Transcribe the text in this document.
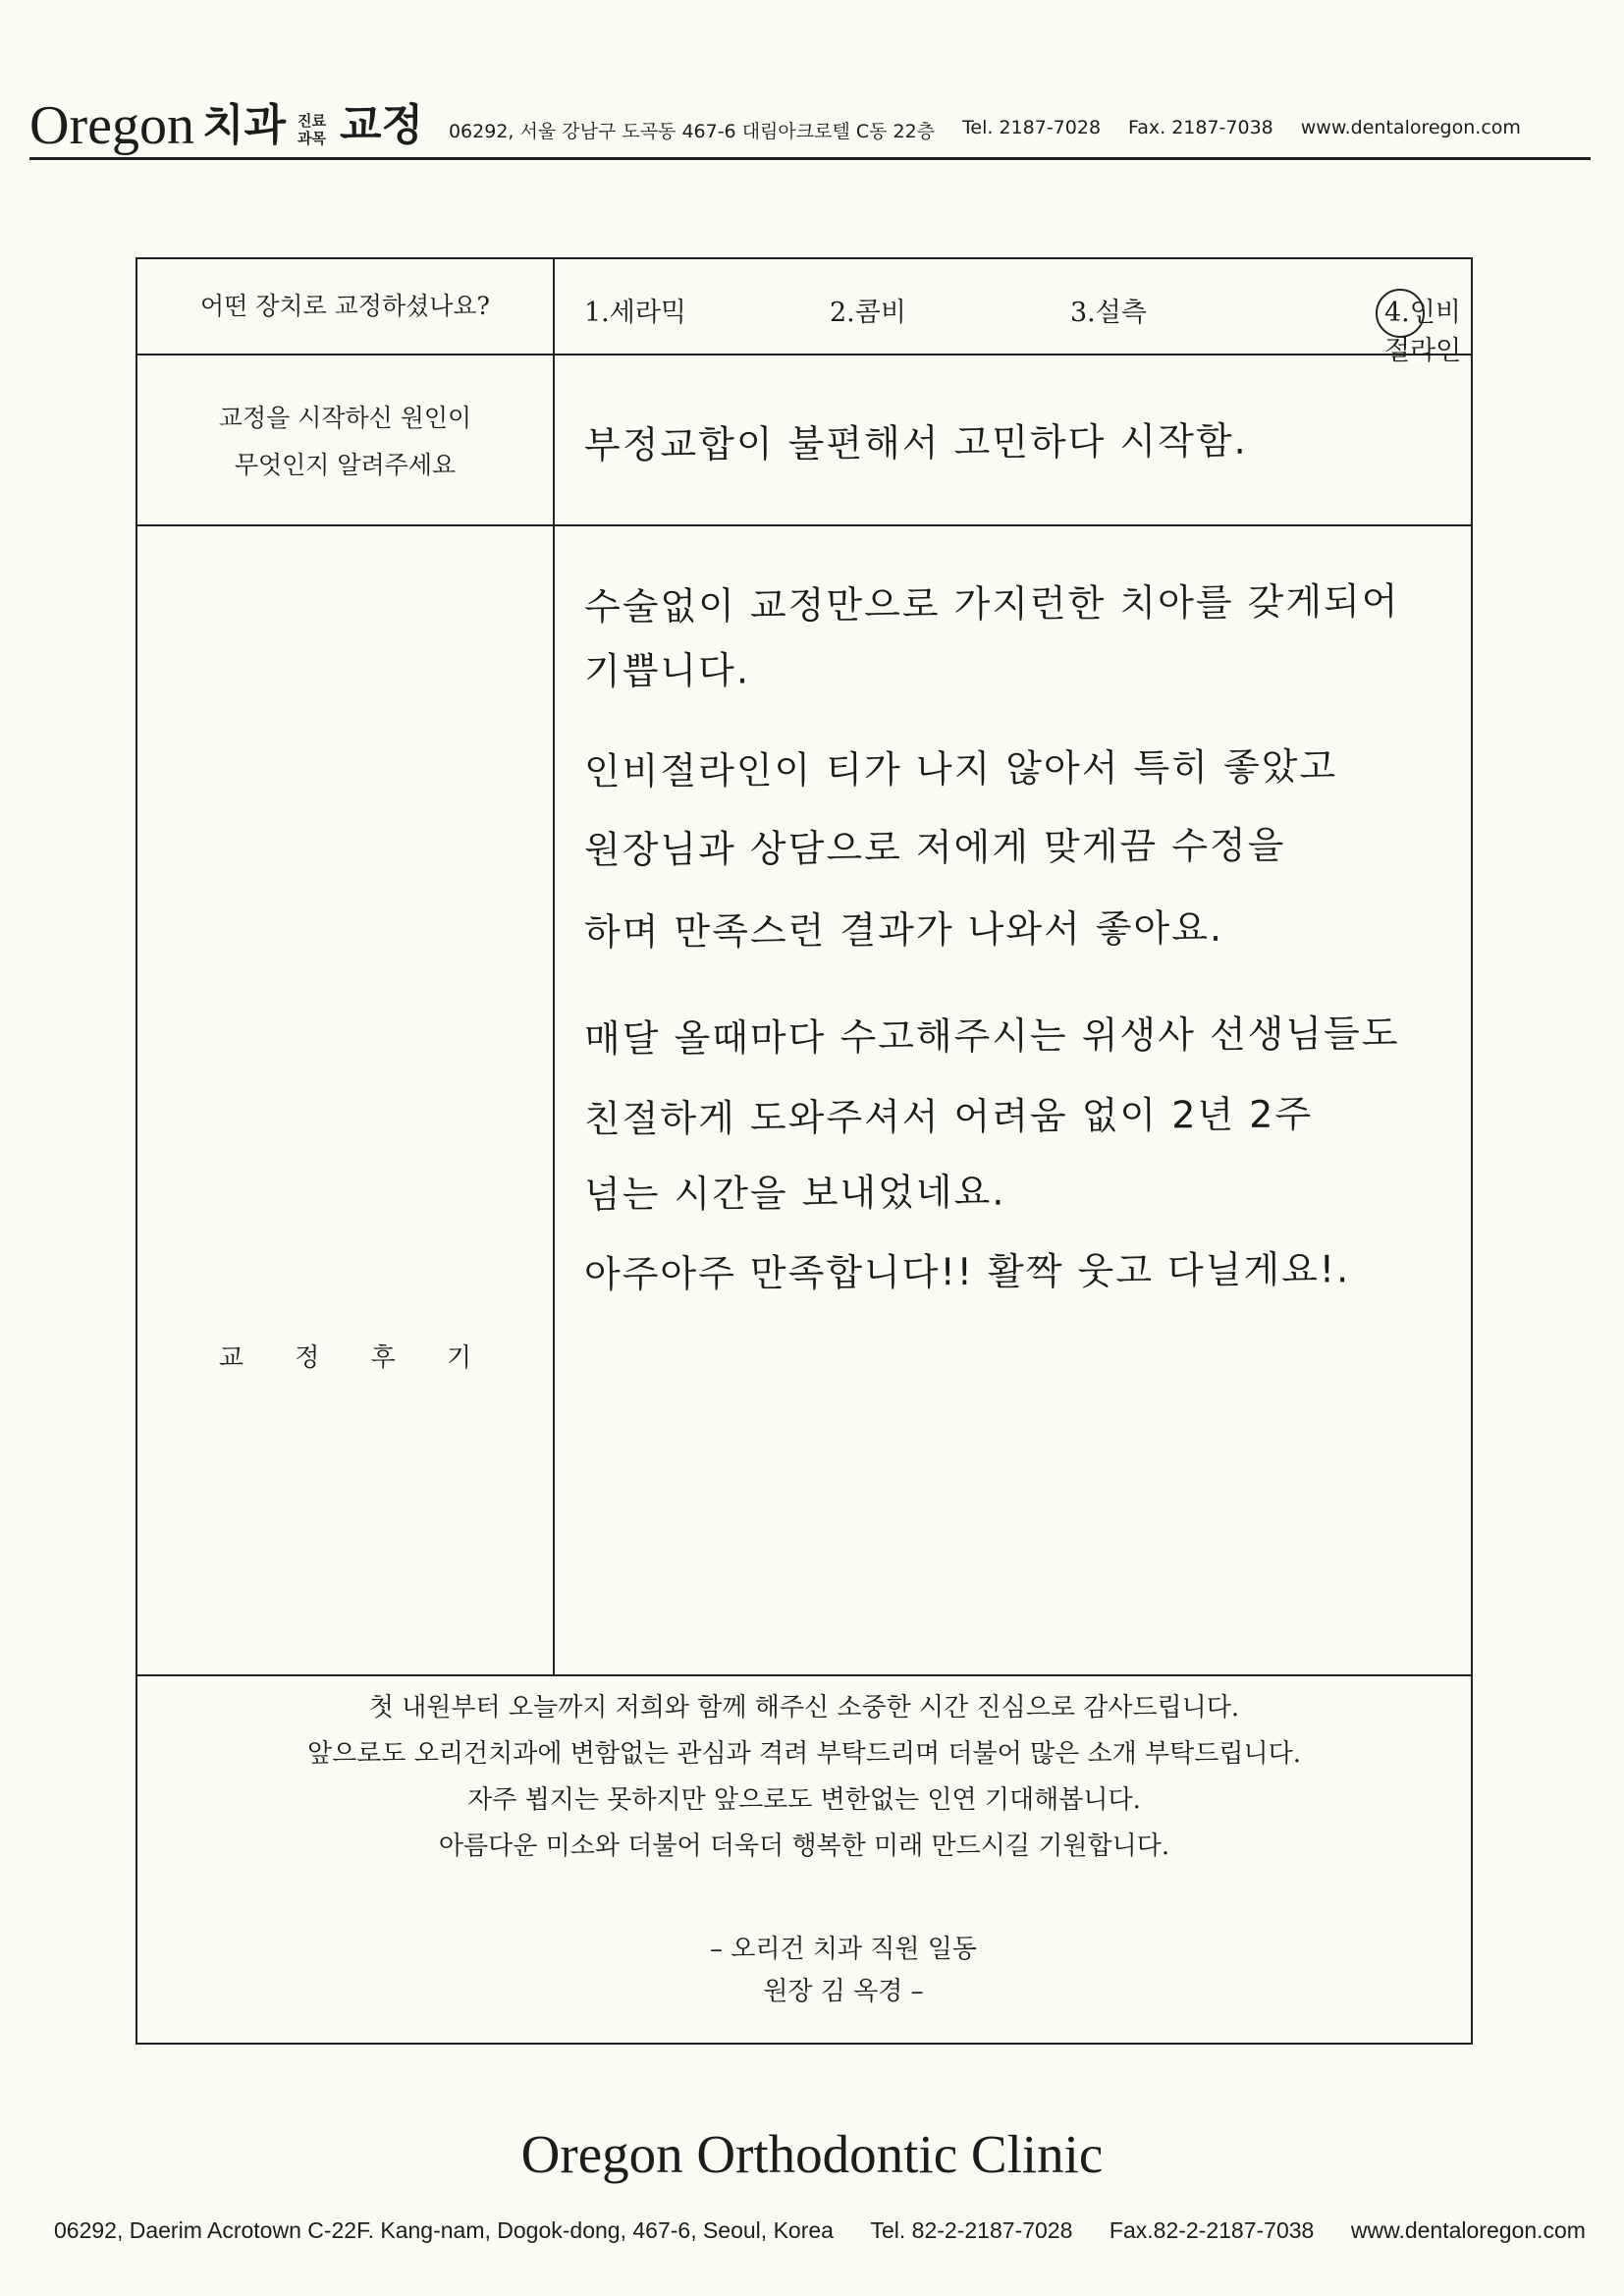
Oregon 치과 진료
과목 교정 06292, 서울 강남구 도곡동 467-6 대림아크로텔 C동 22층 Tel. 2187-7028 Fax. 2187-7038 www.dentaloregon.com
어떤 장치로 교정하셨나요?	1.세라믹	2.콤비	3.설측	4.인비절라인
교정을 시작하신 원인이
무엇인지 알려주세요	부정교합이 불편해서 고민하다 시작함.
교 정 후 기
수술없이 교정만으로 가지런한 치아를 갖게되어
기쁩니다.
인비절라인이 티가 나지 않아서 특히 좋았고
원장님과 상담으로 저에게 맞게끔 수정을
하며 만족스런 결과가 나와서 좋아요.
매달 올때마다 수고해주시는 위생사 선생님들도
친절하게 도와주셔서 어려움 없이 2년 2주
넘는 시간을 보내었네요.
아주아주 만족합니다!! 활짝 웃고 다닐게요!.
첫 내원부터 오늘까지 저희와 함께 해주신 소중한 시간 진심으로 감사드립니다.
앞으로도 오리건치과에 변함없는 관심과 격려 부탁드리며 더불어 많은 소개 부탁드립니다.
자주 뵙지는 못하지만 앞으로도 변한없는 인연 기대해봅니다.
아름다운 미소와 더불어 더욱더 행복한 미래 만드시길 기원합니다.
– 오리건 치과 직원 일동
원장 김 옥경 –
Oregon Orthodontic Clinic
06292, Daerim Acrotown C-22F. Kang-nam, Dogok-dong, 467-6, Seoul, Korea Tel. 82-2-2187-7028 Fax.82-2-2187-7038 www.dentaloregon.com
